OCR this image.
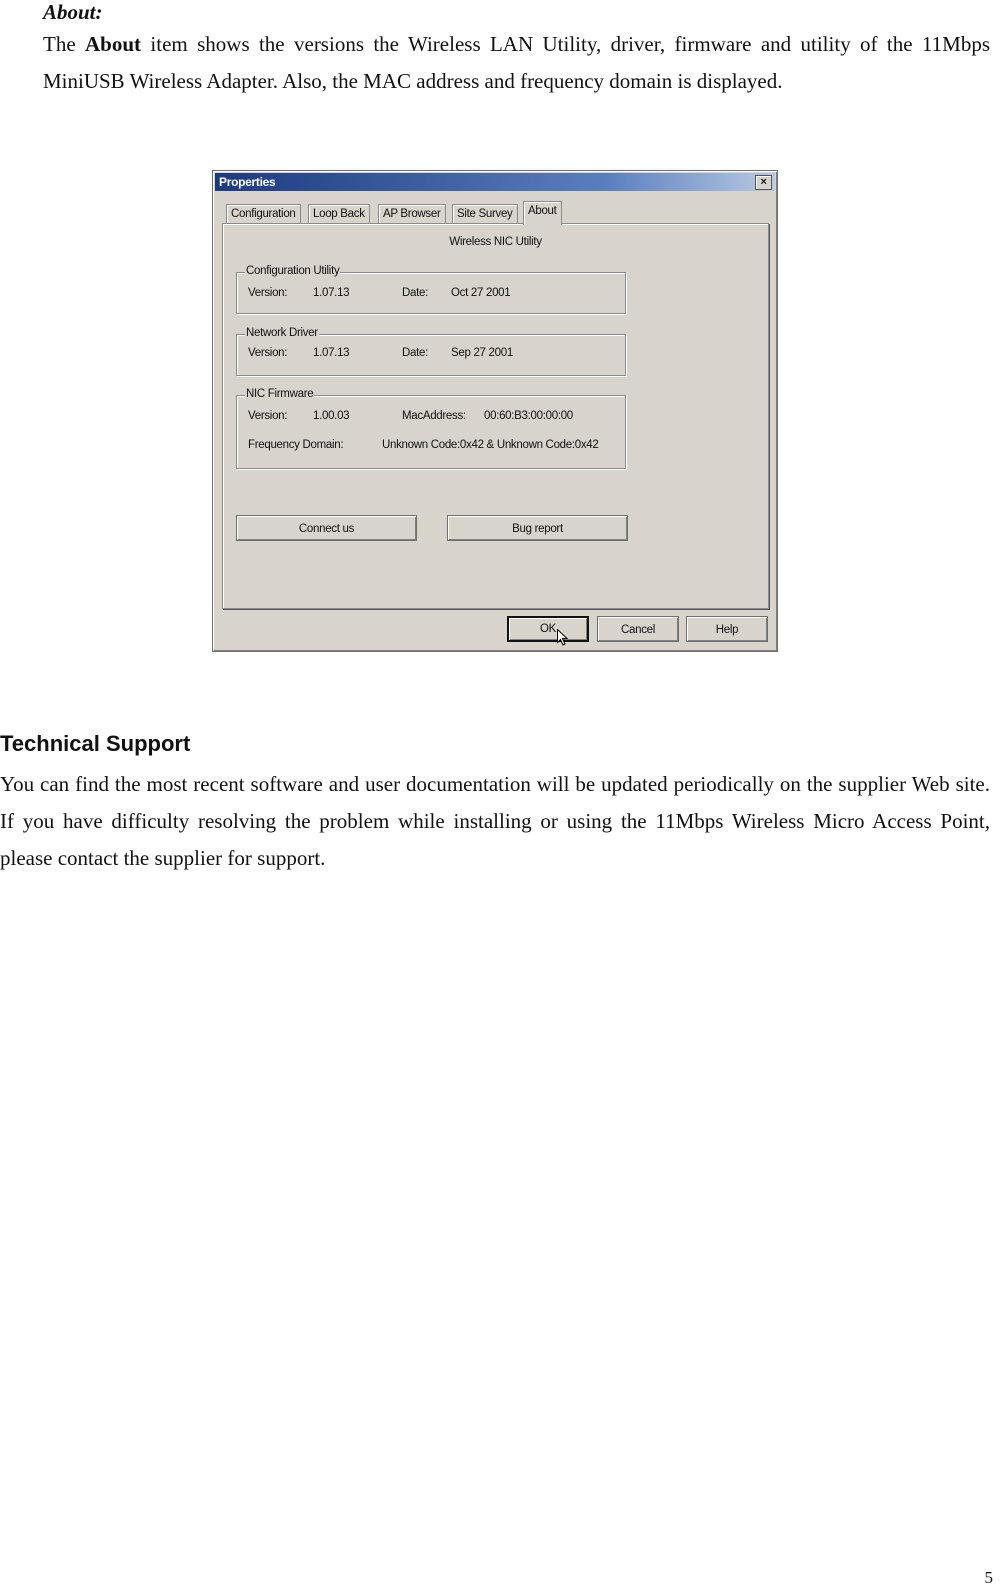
About:

The About item shows the versions the Wireless LAN Utility, driver, firmware and utility of the 11Mbps MiniUSB Wireless Adapter. Also, the MAC address and frequency domain is displayed.

Properties	×
Configuration	Loop Back	AP Browser	Site Survey	About
Wireless NIC Utility
Configuration Utility
Version: 1.07.13	Date: Oct 27 2001
Network Driver
Version: 1.07.13	Date: Sep 27 2001
NIC Firmware
Version: 1.00.03	MacAddress: 00:60:B3:00:00:00
Frequency Domain:	Unknown Code:0x42 & Unknown Code:0x42
Connect us	Bug report
OK	Cancel	Help
Technical Support

You can find the most recent software and user documentation will be updated periodically on the supplier Web site. If you have difficulty resolving the problem while installing or using the 11Mbps Wireless Micro Access Point, please contact the supplier for support.

5
